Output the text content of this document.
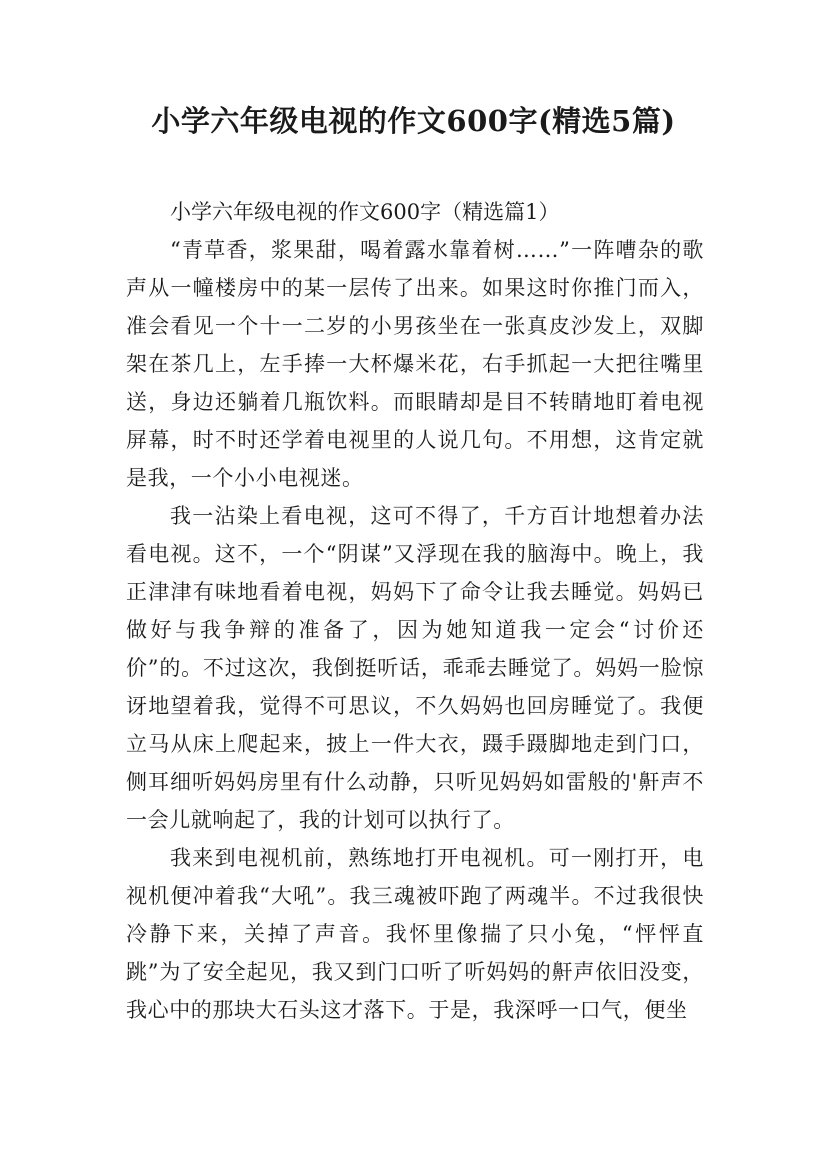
小学六年级电视的作文600字(精选5篇)

小学六年级电视的作文600字（精选篇1）

“青草香，浆果甜，喝着露水靠着树……”一阵嘈杂的歌声从一幢楼房中的某一层传了出来。如果这时你推门而入，准会看见一个十一二岁的小男孩坐在一张真皮沙发上，双脚架在茶几上，左手捧一大杯爆米花，右手抓起一大把往嘴里送，身边还躺着几瓶饮料。而眼睛却是目不转睛地盯着电视屏幕，时不时还学着电视里的人说几句。不用想，这肯定就是我，一个小小电视迷。

我一沾染上看电视，这可不得了，千方百计地想着办法看电视。这不，一个“阴谋”又浮现在我的脑海中。晚上，我正津津有味地看着电视，妈妈下了命令让我去睡觉。妈妈已做好与我争辩的准备了，因为她知道我一定会“讨价还价”的。不过这次，我倒挺听话，乖乖去睡觉了。妈妈一脸惊讶地望着我，觉得不可思议，不久妈妈也回房睡觉了。我便立马从床上爬起来，披上一件大衣，蹑手蹑脚地走到门口，侧耳细听妈妈房里有什么动静，只听见妈妈如雷般的'鼾声不一会儿就响起了，我的计划可以执行了。

我来到电视机前，熟练地打开电视机。可一刚打开，电视机便冲着我“大吼”。我三魂被吓跑了两魂半。不过我很快冷静下来，关掉了声音。我怀里像揣了只小兔，“怦怦直跳”为了安全起见，我又到门口听了听妈妈的鼾声依旧没变，我心中的那块大石头这才落下。于是，我深呼一口气，便坐
